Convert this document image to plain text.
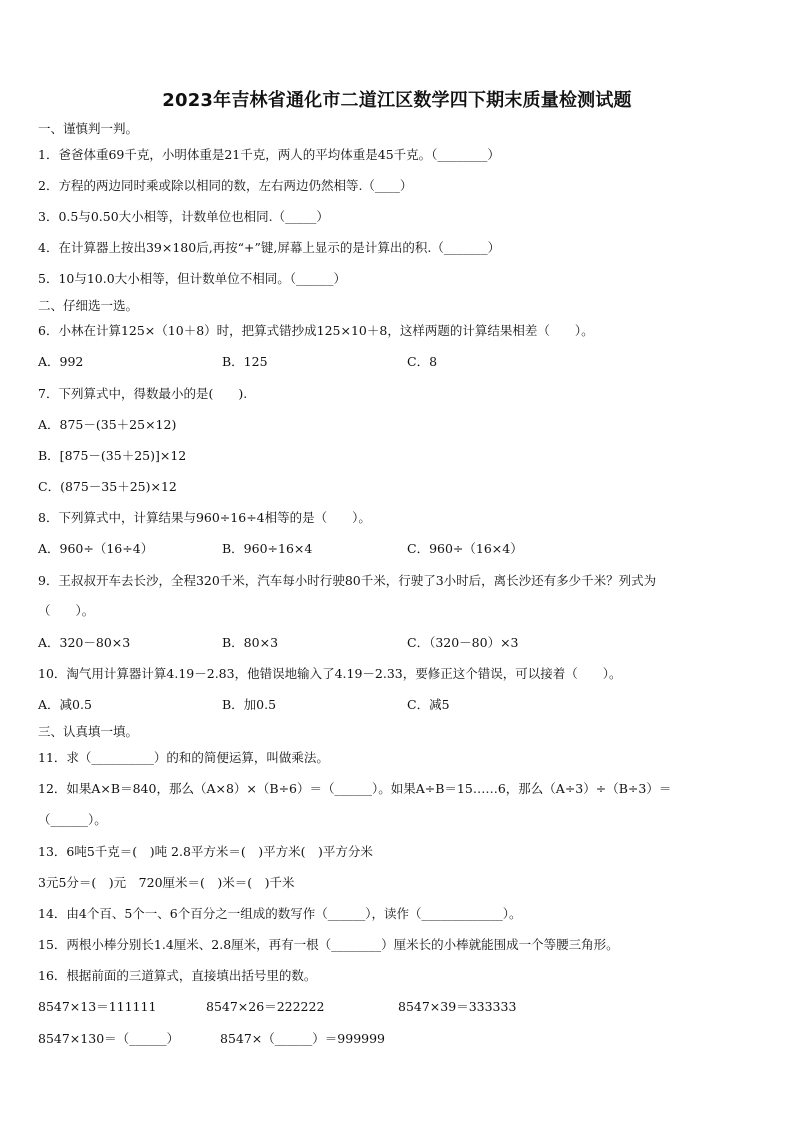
2023年吉林省通化市二道江区数学四下期末质量检测试题
一、谨慎判一判。
1．爸爸体重69千克，小明体重是21千克，两人的平均体重是45千克。（________）
2．方程的两边同时乘或除以相同的数，左右两边仍然相等.（____）
3．0.5与0.50大小相等，计数单位也相同.（_____）
4．在计算器上按出39×180后,再按“+”键,屏幕上显示的是计算出的积.（_______）
5．10与10.0大小相等，但计数单位不相同。（______）
二、仔细选一选。
6．小林在计算125×（10＋8）时，把算式错抄成125×10＋8，这样两题的计算结果相差（　　）。
A．992	B．125	C．8
7．下列算式中，得数最小的是(　　).
A．875－(35＋25×12)
B．[875－(35＋25)]×12
C．(875－35＋25)×12
8．下列算式中，计算结果与960÷16÷4相等的是（　　）。
A．960÷（16÷4）	B．960÷16×4	C．960÷（16×4）
9．王叔叔开车去长沙，全程320千米，汽车每小时行驶80千米，行驶了3小时后，离长沙还有多少千米？列式为
（　　）。
A．320－80×3	B．80×3	C．（320－80）×3
10．淘气用计算器计算4.19－2.83，他错误地输入了4.19－2.33，要修正这个错误，可以接着（　　）。
A．减0.5	B．加0.5	C．减5
三、认真填一填。
11．求（__________）的和的简便运算，叫做乘法。
12．如果A×B＝840，那么（A×8）×（B÷6）＝（______）。如果A÷B＝15……6，那么（A÷3）÷（B÷3）＝
（______）。
13．6吨5千克＝(　)吨 2.8平方米＝(　)平方米(　)平方分米
3元5分＝(　)元　720厘米＝(　)米＝(　)千米
14．由4个百、5个一、6个百分之一组成的数写作（______），读作（_____________）。
15．两根小棒分别长1.4厘米、2.8厘米，再有一根（________）厘米长的小棒就能围成一个等腰三角形。
16．根据前面的三道算式，直接填出括号里的数。
8547×13＝111111	8547×26＝222222	8547×39＝333333
8547×130＝（______）	8547×（______）＝999999
